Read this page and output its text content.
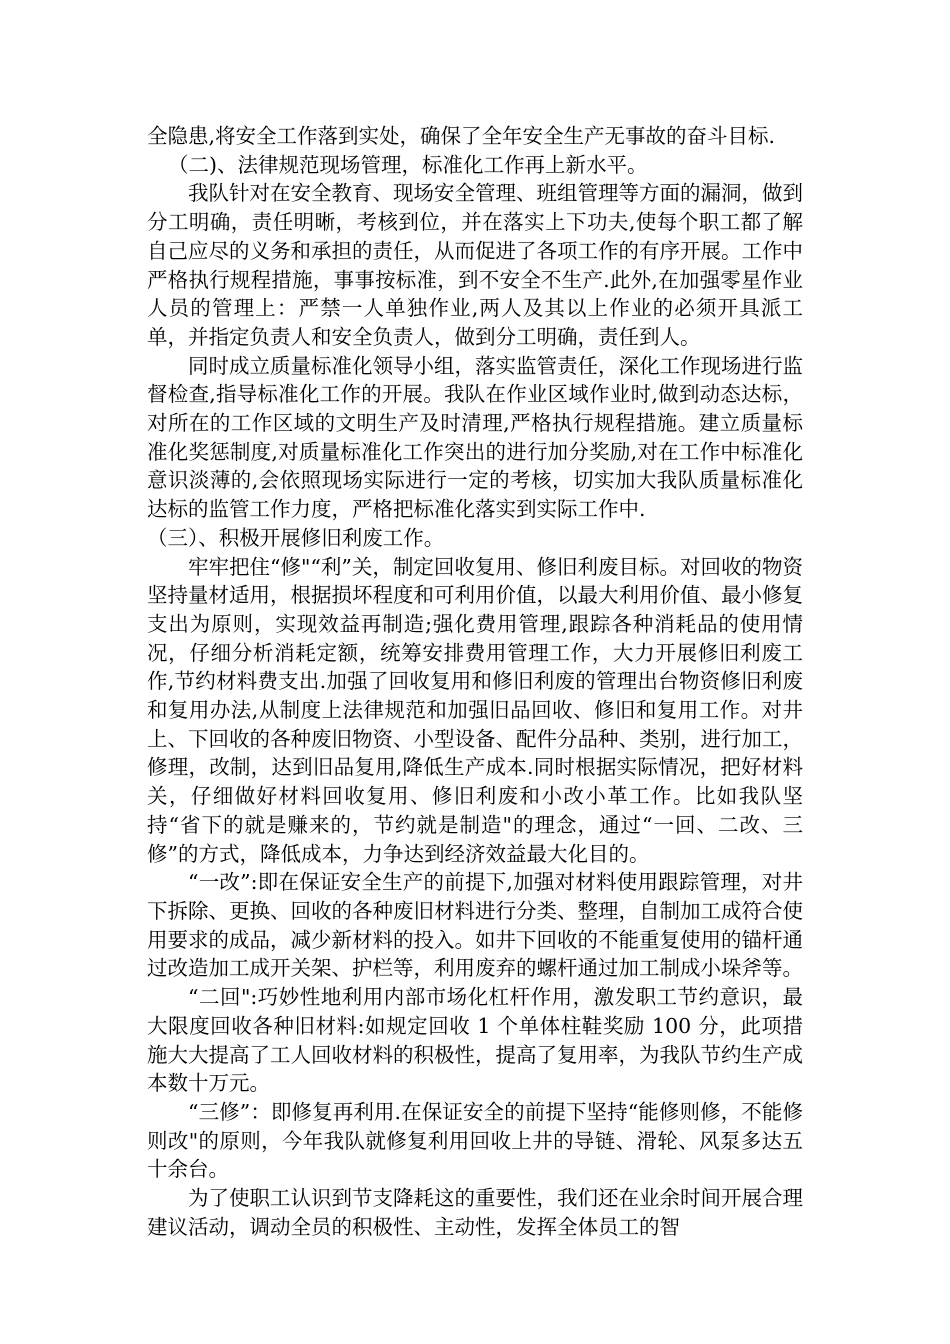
全隐患,将安全工作落到实处，确保了全年安全生产无事故的奋斗目标.

（二)、法律规范现场管理，标准化工作再上新水平。

我队针对在安全教育、现场安全管理、班组管理等方面的漏洞，做到分工明确，责任明晰，考核到位，并在落实上下功夫,使每个职工都了解自己应尽的义务和承担的责任，从而促进了各项工作的有序开展。工作中严格执行规程措施，事事按标准，到不安全不生产.此外,在加强零星作业人员的管理上：严禁一人单独作业,两人及其以上作业的必须开具派工单，并指定负责人和安全负责人，做到分工明确，责任到人。

同时成立质量标准化领导小组，落实监管责任，深化工作现场进行监督检查,指导标准化工作的开展。我队在作业区域作业时,做到动态达标，对所在的工作区域的文明生产及时清理,严格执行规程措施。建立质量标准化奖惩制度,对质量标准化工作突出的进行加分奖励,对在工作中标准化意识淡薄的,会依照现场实际进行一定的考核，切实加大我队质量标准化达标的监管工作力度，严格把标准化落实到实际工作中.

（三）、积极开展修旧利废工作。

牢牢把住“修"“利”关，制定回收复用、修旧利废目标。对回收的物资坚持量材适用，根据损坏程度和可利用价值，以最大利用价值、最小修复支出为原则，实现效益再制造;强化费用管理,跟踪各种消耗品的使用情况，仔细分析消耗定额，统筹安排费用管理工作，大力开展修旧利废工作,节约材料费支出.加强了回收复用和修旧利废的管理出台物资修旧利废和复用办法,从制度上法律规范和加强旧品回收、修旧和复用工作。对井上、下回收的各种废旧物资、小型设备、配件分品种、类别，进行加工，修理，改制，达到旧品复用,降低生产成本.同时根据实际情况，把好材料关，仔细做好材料回收复用、修旧利废和小改小革工作。比如我队坚持“省下的就是赚来的，节约就是制造"的理念，通过“一回、二改、三修”的方式，降低成本，力争达到经济效益最大化目的。

“一改”:即在保证安全生产的前提下,加强对材料使用跟踪管理，对井下拆除、更换、回收的各种废旧材料进行分类、整理，自制加工成符合使用要求的成品，减少新材料的投入。如井下回收的不能重复使用的锚杆通过改造加工成开关架、护栏等，利用废弃的螺杆通过加工制成小垛斧等。

“二回":巧妙性地利用内部市场化杠杆作用，激发职工节约意识，最大限度回收各种旧材料:如规定回收 1 个单体柱鞋奖励 100 分，此项措施大大提高了工人回收材料的积极性，提高了复用率，为我队节约生产成本数十万元。

“三修”：即修复再利用.在保证安全的前提下坚持“能修则修，不能修则改"的原则，今年我队就修复利用回收上井的导链、滑轮、风泵多达五十余台。

为了使职工认识到节支降耗这的重要性，我们还在业余时间开展合理建议活动，调动全员的积极性、主动性，发挥全体员工的智
